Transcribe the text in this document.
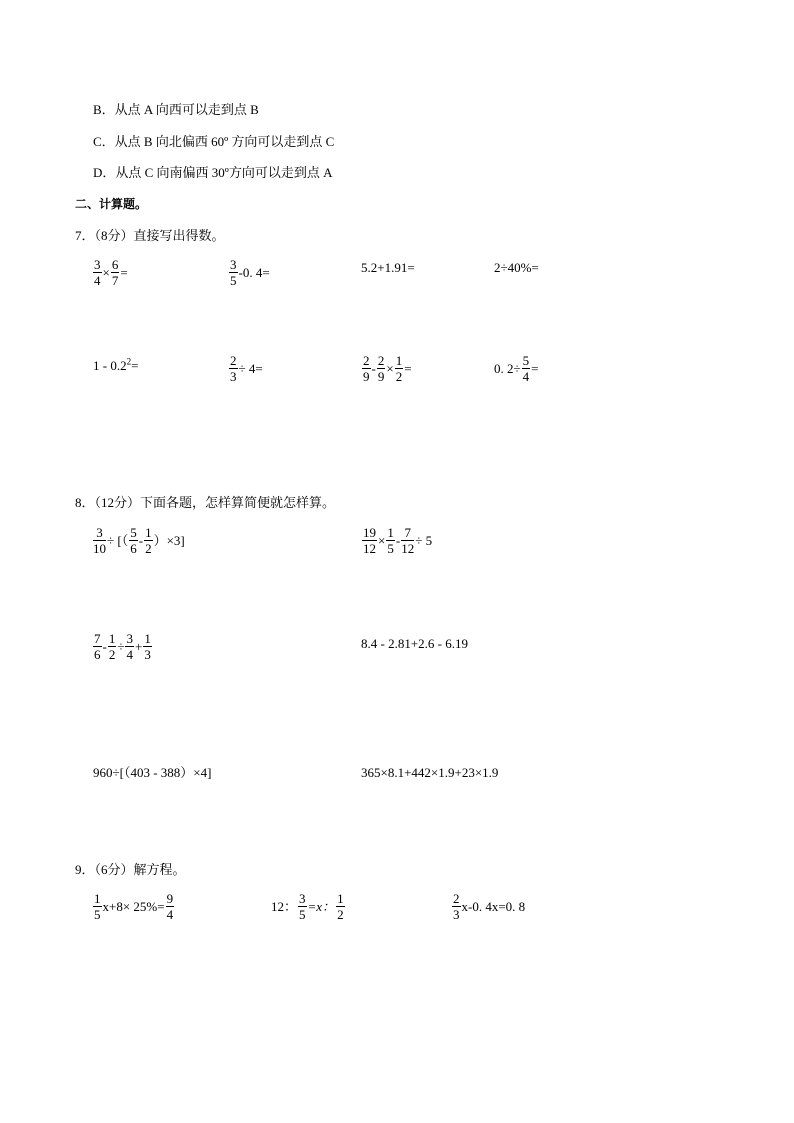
B．从点 A 向西可以走到点 B
C．从点 B 向北偏西 60º 方向可以走到点 C
D．从点 C 向南偏西 30º方向可以走到点 A
二、计算题。
7．（8分）直接写出得数。
$\frac{3}{4} \times \frac{6}{7}$ =	$\frac{3}{5} -0$. 4=	5.2+1.91=	2÷40%=
$1 - 0.2^2=$	$\frac{2}{3} \div 4=$	$\frac{2}{9} - \frac{2}{9} \times \frac{1}{2}$ =	0. $2\div \frac{5}{4}$ =
8．（12分）下面各题，怎样算简便就怎样算。
$\frac{3}{10}$ ÷ [（ $\frac{5}{6} - \frac{1}{2} )\times 3$]	$\frac{19}{12} \times \frac{1}{5} - \frac{7}{12} \div 5$
$\frac{7}{6} - \frac{1}{2} \div \frac{3}{4} + \frac{1}{3}$	8.4 - 2.81+2.6 - 6.19
960÷[（403 - 388）×4]	365×8.1+442×1.9+23×1.9
9．（6分）解方程。
$\frac{1}{5} x+8\times 25\%= \frac{9}{4}$	12： $\frac{3}{5} =x$： $\frac{1}{2}$	$\frac{2}{3} x-0$. 4x=0. 8
